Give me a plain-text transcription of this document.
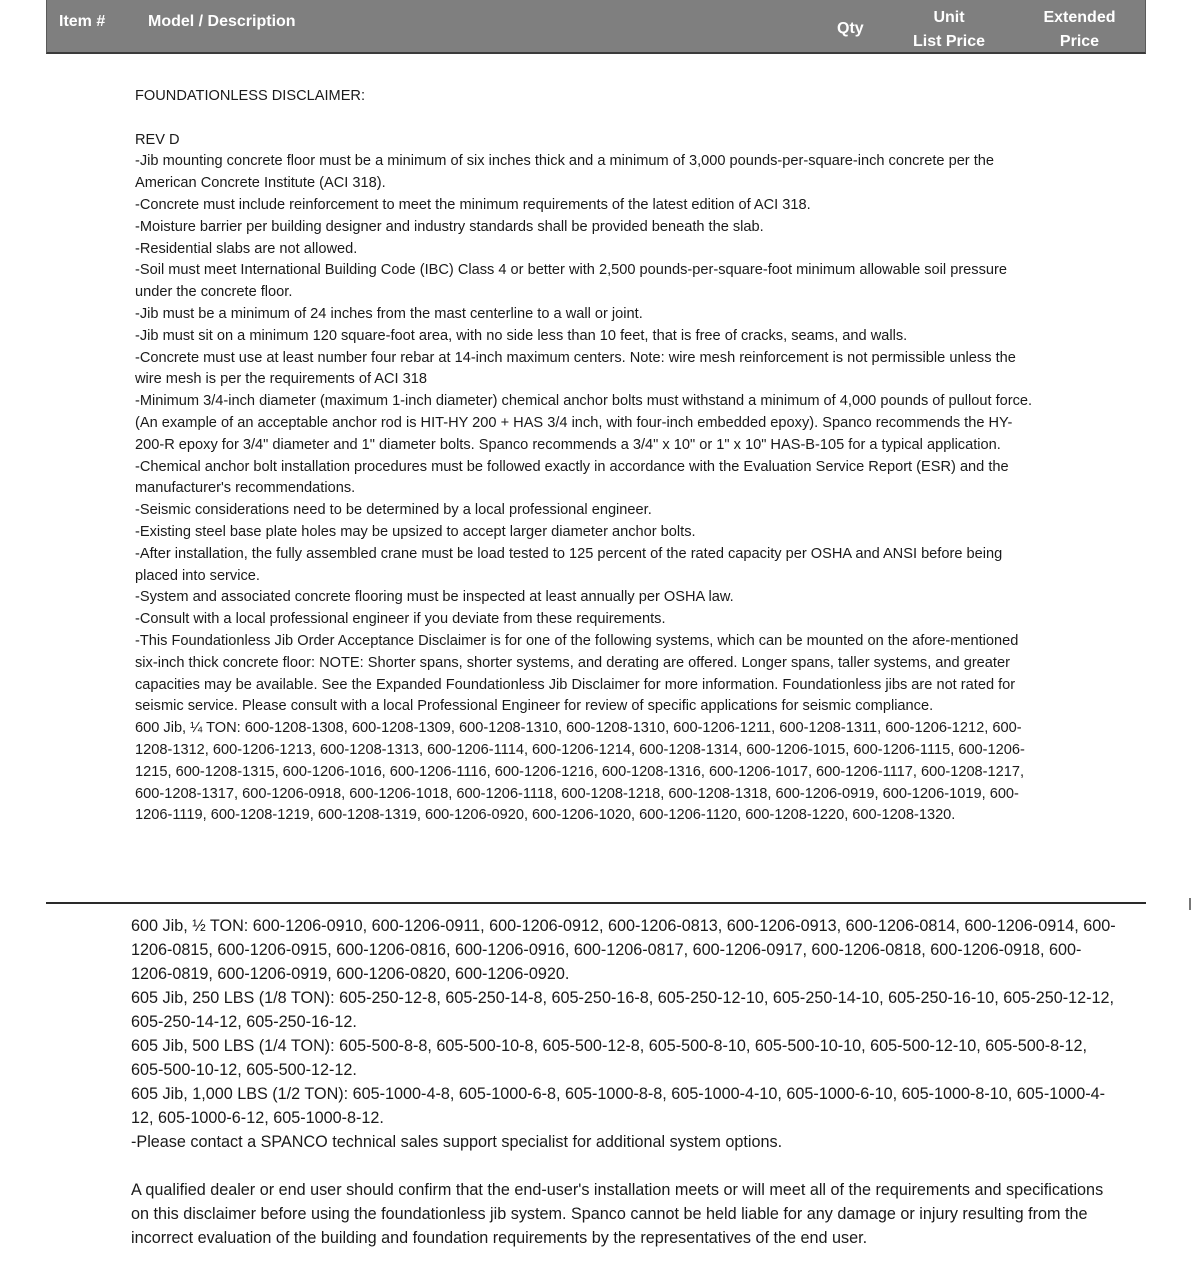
Item #	Model / Description	Qty
Unit
List Price
Extended
Price

FOUNDATIONLESS DISCLAIMER:

REV D

-Jib mounting concrete floor must be a minimum of six inches thick and a minimum of 3,000 pounds-per-square-inch concrete per the American Concrete Institute (ACI 318).

-Concrete must include reinforcement to meet the minimum requirements of the latest edition of ACI 318.

-Moisture barrier per building designer and industry standards shall be provided beneath the slab.

-Residential slabs are not allowed.

-Soil must meet International Building Code (IBC) Class 4 or better with 2,500 pounds-per-square-foot minimum allowable soil pressure under the concrete floor.

-Jib must be a minimum of 24 inches from the mast centerline to a wall or joint.

-Jib must sit on a minimum 120 square-foot area, with no side less than 10 feet, that is free of cracks, seams, and walls.

-Concrete must use at least number four rebar at 14-inch maximum centers. Note: wire mesh reinforcement is not permissible unless the wire mesh is per the requirements of ACI 318

-Minimum 3/4-inch diameter (maximum 1-inch diameter) chemical anchor bolts must withstand a minimum of 4,000 pounds of pullout force. (An example of an acceptable anchor rod is HIT-HY 200 + HAS 3/4 inch, with four-inch embedded epoxy). Spanco recommends the HY-200-R epoxy for 3/4" diameter and 1" diameter bolts. Spanco recommends a 3/4" x 10" or 1" x 10" HAS-B-105 for a typical application.

-Chemical anchor bolt installation procedures must be followed exactly in accordance with the Evaluation Service Report (ESR) and the manufacturer's recommendations.

-Seismic considerations need to be determined by a local professional engineer.

-Existing steel base plate holes may be upsized to accept larger diameter anchor bolts.

-After installation, the fully assembled crane must be load tested to 125 percent of the rated capacity per OSHA and ANSI before being placed into service.

-System and associated concrete flooring must be inspected at least annually per OSHA law.

-Consult with a local professional engineer if you deviate from these requirements.

-This Foundationless Jib Order Acceptance Disclaimer is for one of the following systems, which can be mounted on the afore-mentioned six-inch thick concrete floor: NOTE: Shorter spans, shorter systems, and derating are offered. Longer spans, taller systems, and greater capacities may be available. See the Expanded Foundationless Jib Disclaimer for more information. Foundationless jibs are not rated for seismic service. Please consult with a local Professional Engineer for review of specific applications for seismic compliance.

600 Jib, ¼ TON: 600-1208-1308, 600-1208-1309, 600-1208-1310, 600-1208-1310, 600-1206-1211, 600-1208-1311, 600-1206-1212, 600-1208-1312, 600-1206-1213, 600-1208-1313, 600-1206-1114, 600-1206-1214, 600-1208-1314, 600-1206-1015, 600-1206-1115, 600-1206-1215, 600-1208-1315, 600-1206-1016, 600-1206-1116, 600-1206-1216, 600-1208-1316, 600-1206-1017, 600-1206-1117, 600-1208-1217, 600-1208-1317, 600-1206-0918, 600-1206-1018, 600-1206-1118, 600-1208-1218, 600-1208-1318, 600-1206-0919, 600-1206-1019, 600-1206-1119, 600-1208-1219, 600-1208-1319, 600-1206-0920, 600-1206-1020, 600-1206-1120, 600-1208-1220, 600-1208-1320.

600 Jib, ½ TON: 600-1206-0910, 600-1206-0911, 600-1206-0912, 600-1206-0813, 600-1206-0913, 600-1206-0814, 600-1206-0914, 600-1206-0815, 600-1206-0915, 600-1206-0816, 600-1206-0916, 600-1206-0817, 600-1206-0917, 600-1206-0818, 600-1206-0918, 600-1206-0819, 600-1206-0919, 600-1206-0820, 600-1206-0920.

605 Jib, 250 LBS (1/8 TON): 605-250-12-8, 605-250-14-8, 605-250-16-8, 605-250-12-10, 605-250-14-10, 605-250-16-10, 605-250-12-12, 605-250-14-12, 605-250-16-12.

605 Jib, 500 LBS (1/4 TON): 605-500-8-8, 605-500-10-8, 605-500-12-8, 605-500-8-10, 605-500-10-10, 605-500-12-10, 605-500-8-12, 605-500-10-12, 605-500-12-12.

605 Jib, 1,000 LBS (1/2 TON): 605-1000-4-8, 605-1000-6-8, 605-1000-8-8, 605-1000-4-10, 605-1000-6-10, 605-1000-8-10, 605-1000-4-12, 605-1000-6-12, 605-1000-8-12.

-Please contact a SPANCO technical sales support specialist for additional system options.

A qualified dealer or end user should confirm that the end-user's installation meets or will meet all of the requirements and specifications on this disclaimer before using the foundationless jib system. Spanco cannot be held liable for any damage or injury resulting from the incorrect evaluation of the building and foundation requirements by the representatives of the end user.
